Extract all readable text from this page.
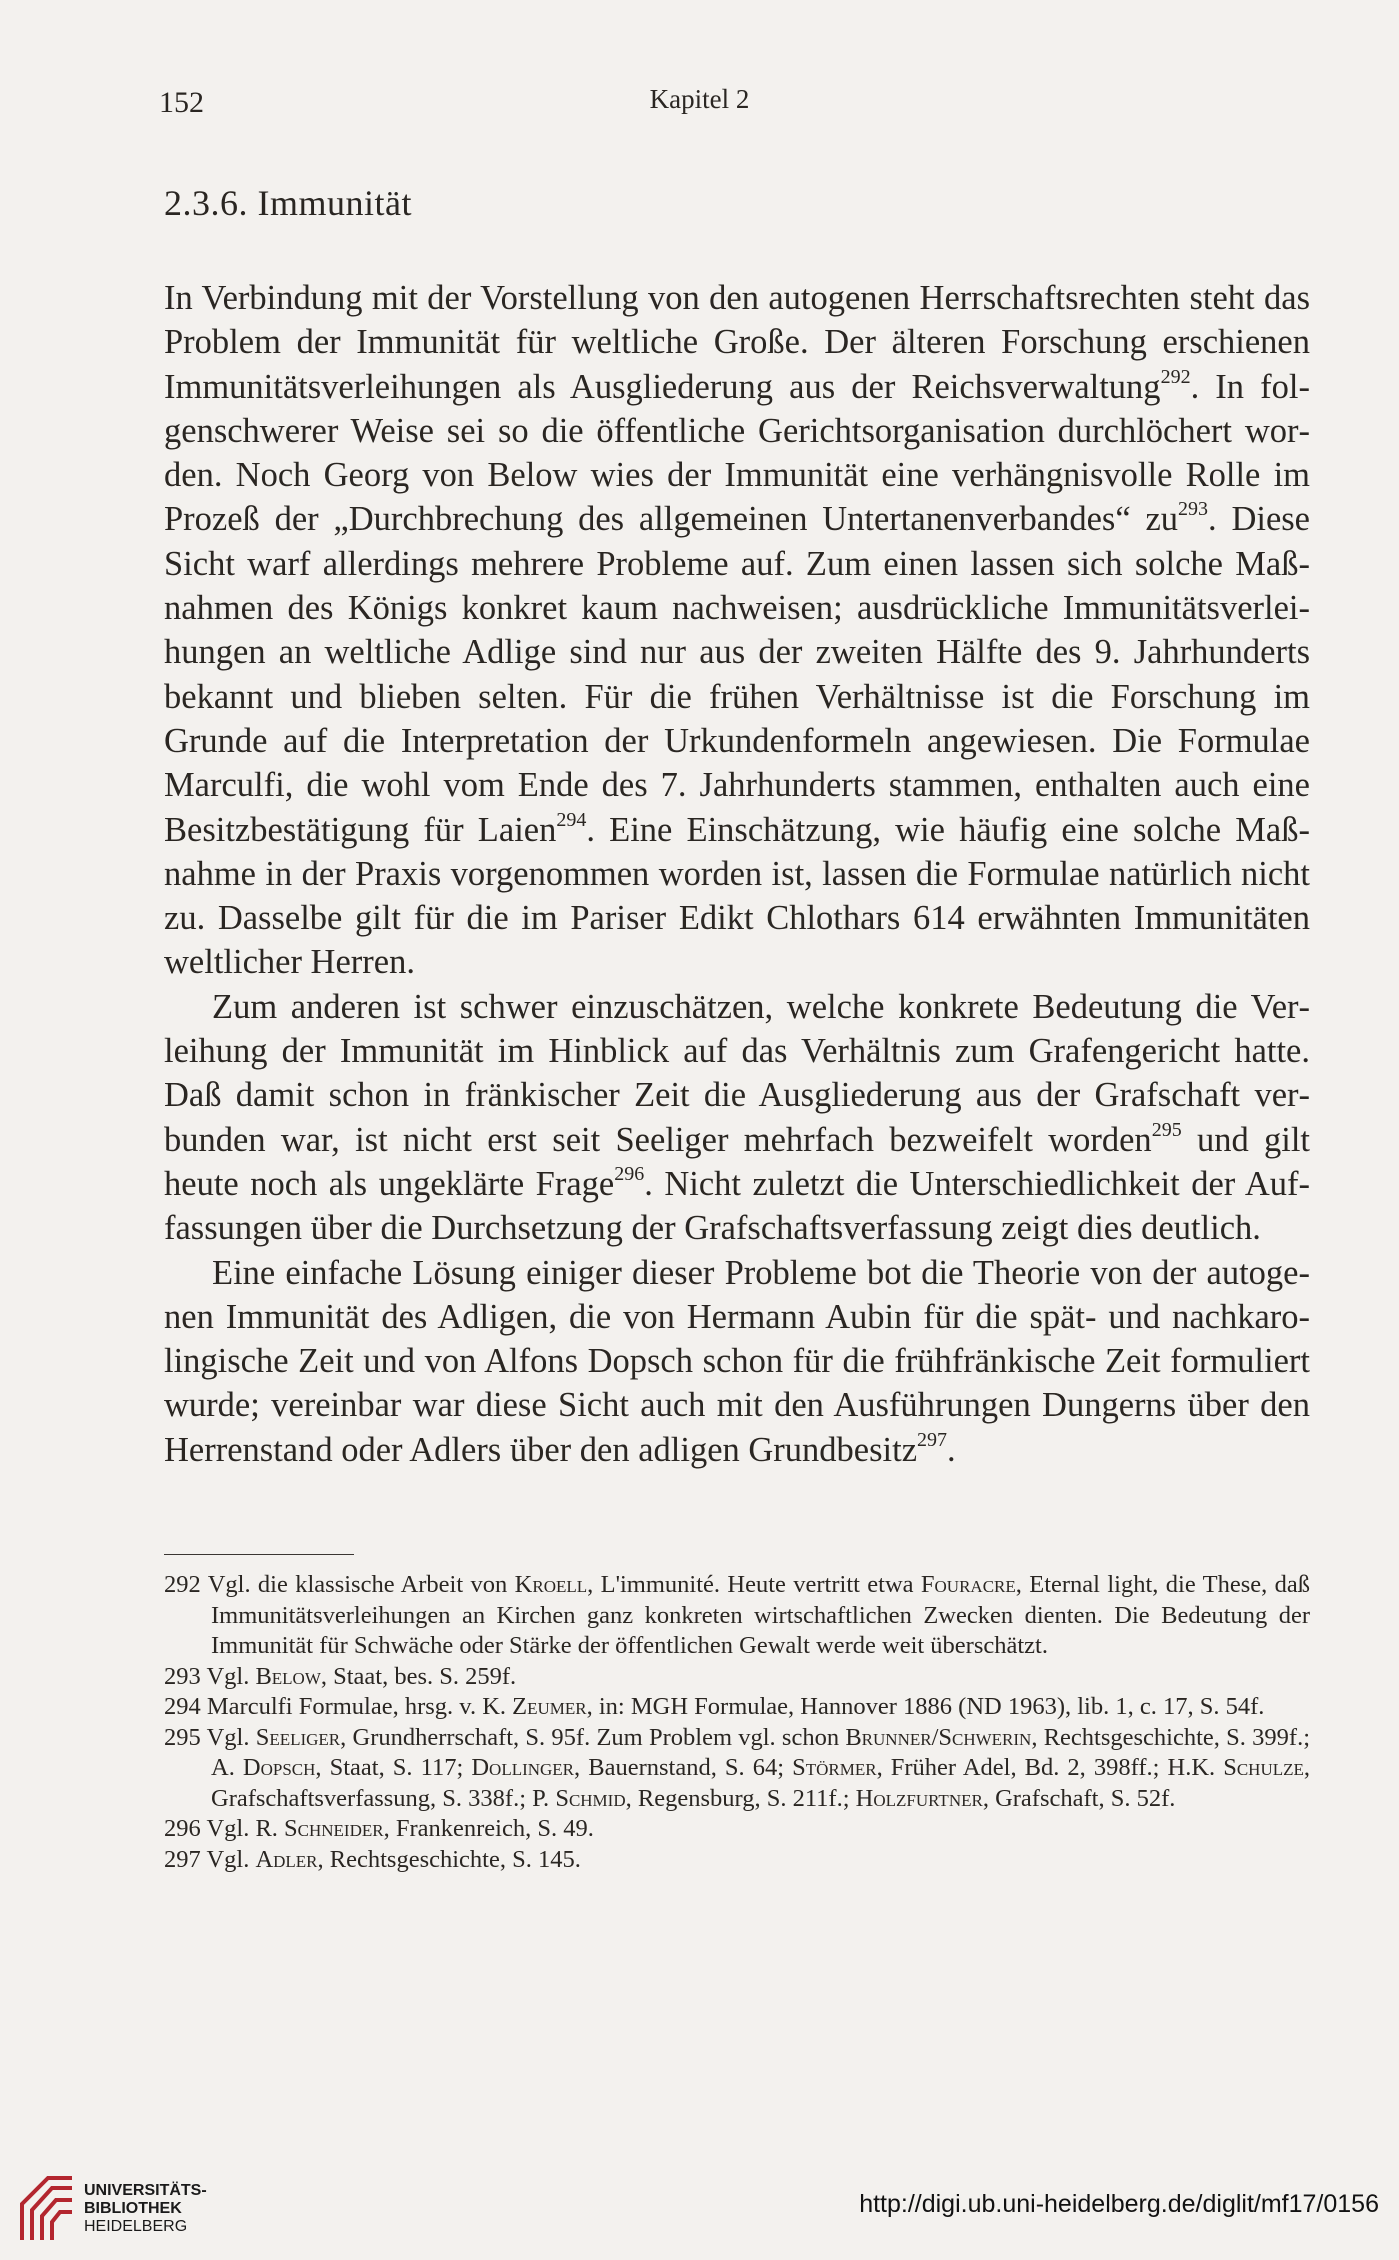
152	Kapitel 2
2.3.6. Immunität

In Verbindung mit der Vorstellung von den autogenen Herrschaftsrechten steht das Problem der Immunität für weltliche Große. Der älteren Forschung erschienen Immunitätsverleihungen als Ausgliederung aus der Reichsverwaltung$^{292}$. In folgenschwerer Weise sei so die öffentliche Gerichtsorganisation durchlöchert worden. Noch Georg von Below wies der Immunität eine verhängnisvolle Rolle im Prozeß der „Durchbrechung des allgemeinen Untertanenverbandes“ $zu^{293}$. Diese Sicht warf allerdings mehrere Probleme auf. Zum einen lassen sich solche Maßnahmen des Königs konkret kaum nachweisen; ausdrückliche Immunitätsverleihungen an weltliche Adlige sind nur aus der zweiten Hälfte des 9. Jahrhunderts bekannt und blieben selten. Für die frühen Verhältnisse ist die Forschung im Grunde auf die Interpretation der Urkundenformeln angewiesen. Die Formulae Marculfi, die wohl vom Ende des 7. Jahrhunderts stammen, enthalten auch eine Besitzbestätigung für Laien$^{294}$. Eine Einschätzung, wie häufig eine solche Maßnahme in der Praxis vorgenommen worden ist, lassen die Formulae natürlich nicht zu. Dasselbe gilt für die im Pariser Edikt Chlothars 614 erwähnten Immunitäten weltlicher Herren.

Zum anderen ist schwer einzuschätzen, welche konkrete Bedeutung die Verleihung der Immunität im Hinblick auf das Verhältnis zum Grafengericht hatte. Daß damit schon in fränkischer Zeit die Ausgliederung aus der Grafschaft verbunden war, ist nicht erst seit Seeliger mehrfach bezweifelt worden$^{295}$ und gilt heute noch als ungeklärte Frage$^{296}$. Nicht zuletzt die Unterschiedlichkeit der Auffassungen über die Durchsetzung der Grafschaftsverfassung zeigt dies deutlich.

Eine einfache Lösung einiger dieser Probleme bot die Theorie von der autogenen Immunität des Adligen, die von Hermann Aubin für die spät- und nachkarolingische Zeit und von Alfons Dopsch schon für die frühfränkische Zeit formuliert wurde; vereinbar war diese Sicht auch mit den Ausführungen Dungerns über den Herrenstand oder Adlers über den adligen Grundbesitz$^{297}$.

292 Vgl. die klassische Arbeit von Kroell, L'immunité. Heute vertritt etwa Fouracre, Eternal light, die These, daß Immunitätsverleihungen an Kirchen ganz konkreten wirtschaftlichen Zwecken dienten. Die Bedeutung der Immunität für Schwäche oder Stärke der öffentlichen Gewalt werde weit überschätzt.

293 Vgl. Below, Staat, bes. S. 259f.

294 Marculfi Formulae, hrsg. v. K. Zeumer, in: MGH Formulae, Hannover 1886 (ND 1963), lib. 1, c. 17, S. 54f.

295 Vgl. Seeliger, Grundherrschaft, S. 95f. Zum Problem vgl. schon Brunner/Schwerin, Rechtsgeschichte, S. 399f.; A. Dopsch, Staat, S. 117; Dollinger, Bauernstand, S. 64; Störmer, Früher Adel, Bd. 2, 398ff.; H.K. Schulze, Grafschaftsverfassung, S. 338f.; P. Schmid, Regensburg, S. 211f.; Holzfurtner, Grafschaft, S. 52f.

296 Vgl. R. Schneider, Frankenreich, S. 49.

297 Vgl. Adler, Rechtsgeschichte, S. 145.

UNIVERSITÄTS-
BIBLIOTHEK
HEIDELBERG
http://digi.ub.uni-heidelberg.de/diglit/mf17/0156
